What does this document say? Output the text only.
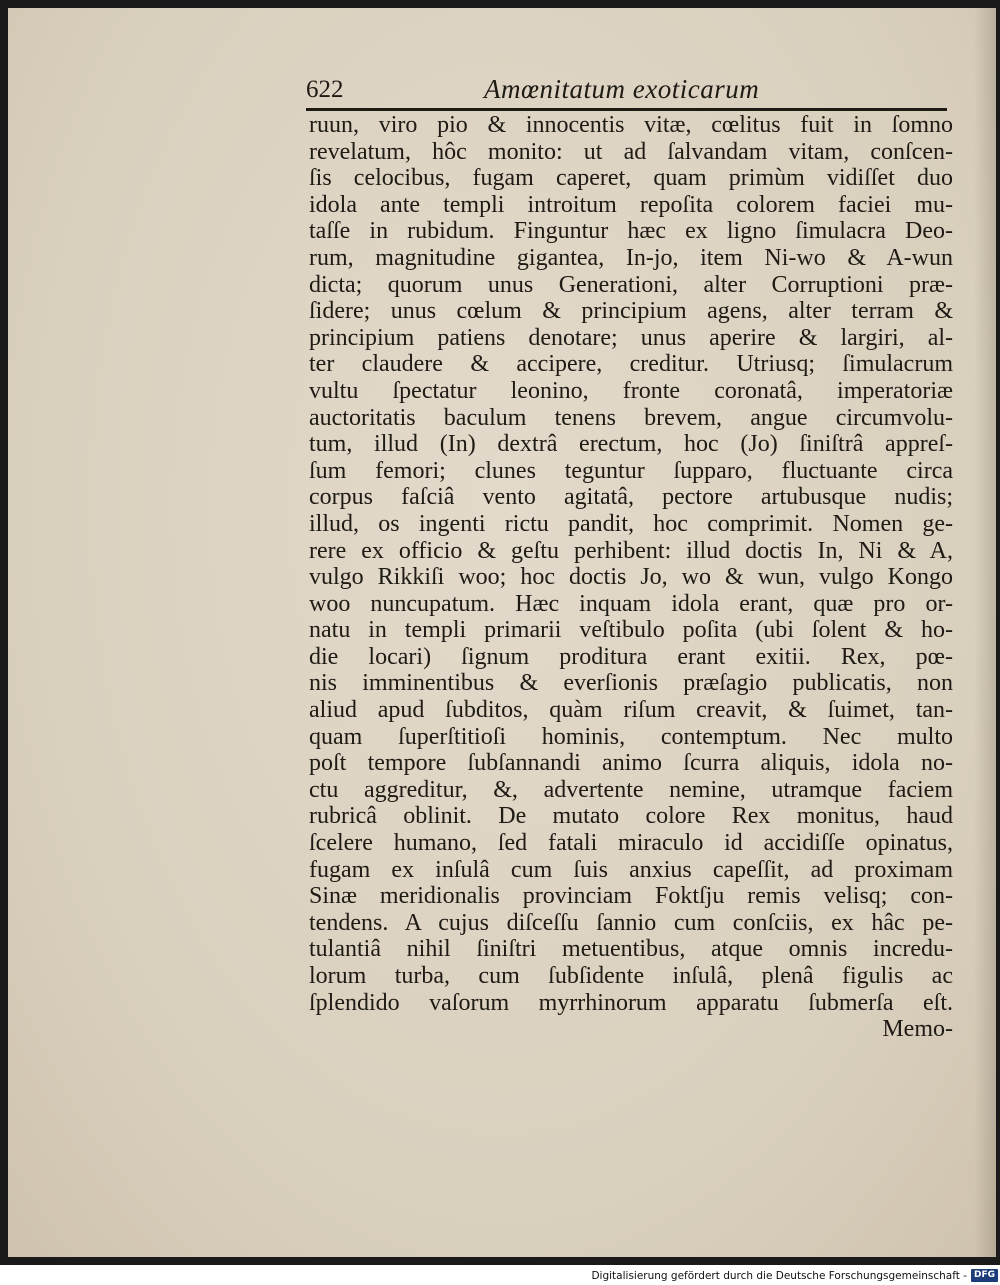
622	Amœnitatum exoticarum
ruun, viro pio & innocentis vitæ, cœlitus fuit in ſomno
revelatum, hôc monito: ut ad ſalvandam vitam, conſcen-
ſis celocibus, fugam caperet, quam primùm vidiſſet duo
idola ante templi introitum repoſita colorem faciei mu-
taſſe in rubidum. Finguntur hæc ex ligno ſimulacra Deo-
rum, magnitudine gigantea, In-jo, item Ni-wo & A-wun
dicta; quorum unus Generationi, alter Corruptioni præ-
ſidere; unus cœlum & principium agens, alter terram &
principium patiens denotare; unus aperire & largiri, al-
ter claudere & accipere, creditur. Utriusq; ſimulacrum
vultu ſpectatur leonino, fronte coronatâ, imperatoriæ
auctoritatis baculum tenens brevem, angue circumvolu-
tum, illud (In) dextrâ erectum, hoc (Jo) ſiniſtrâ appreſ-
ſum femori; clunes teguntur ſupparo, fluctuante circa
corpus faſciâ vento agitatâ, pectore artubusque nudis;
illud, os ingenti rictu pandit, hoc comprimit. Nomen ge-
rere ex officio & geſtu perhibent: illud doctis In, Ni & A,
vulgo Rikkiſi woo; hoc doctis Jo, wo & wun, vulgo Kongo
woo nuncupatum. Hæc inquam idola erant, quæ pro or-
natu in templi primarii veſtibulo poſita (ubi ſolent & ho-
die locari) ſignum proditura erant exitii. Rex, pœ-
nis imminentibus & everſionis præſagio publicatis, non
aliud apud ſubditos, quàm riſum creavit, & ſuimet, tan-
quam ſuperſtitioſi hominis, contemptum. Nec multo
poſt tempore ſubſannandi animo ſcurra aliquis, idola no-
ctu aggreditur, &, advertente nemine, utramque faciem
rubricâ oblinit. De mutato colore Rex monitus, haud
ſcelere humano, ſed fatali miraculo id accidiſſe opinatus,
fugam ex inſulâ cum ſuis anxius capeſſit, ad proximam
Sinæ meridionalis provinciam Foktſju remis velisq; con-
tendens. A cujus diſceſſu ſannio cum conſciis, ex hâc pe-
tulantiâ nihil ſiniſtri metuentibus, atque omnis incredu-
lorum turba, cum ſubſidente inſulâ, plenâ figulis ac
ſplendido vaſorum myrrhinorum apparatu ſubmerſa eſt.
Memo-
Digitalisierung gefördert durch die Deutsche Forschungsgemeinschaft - DFG
